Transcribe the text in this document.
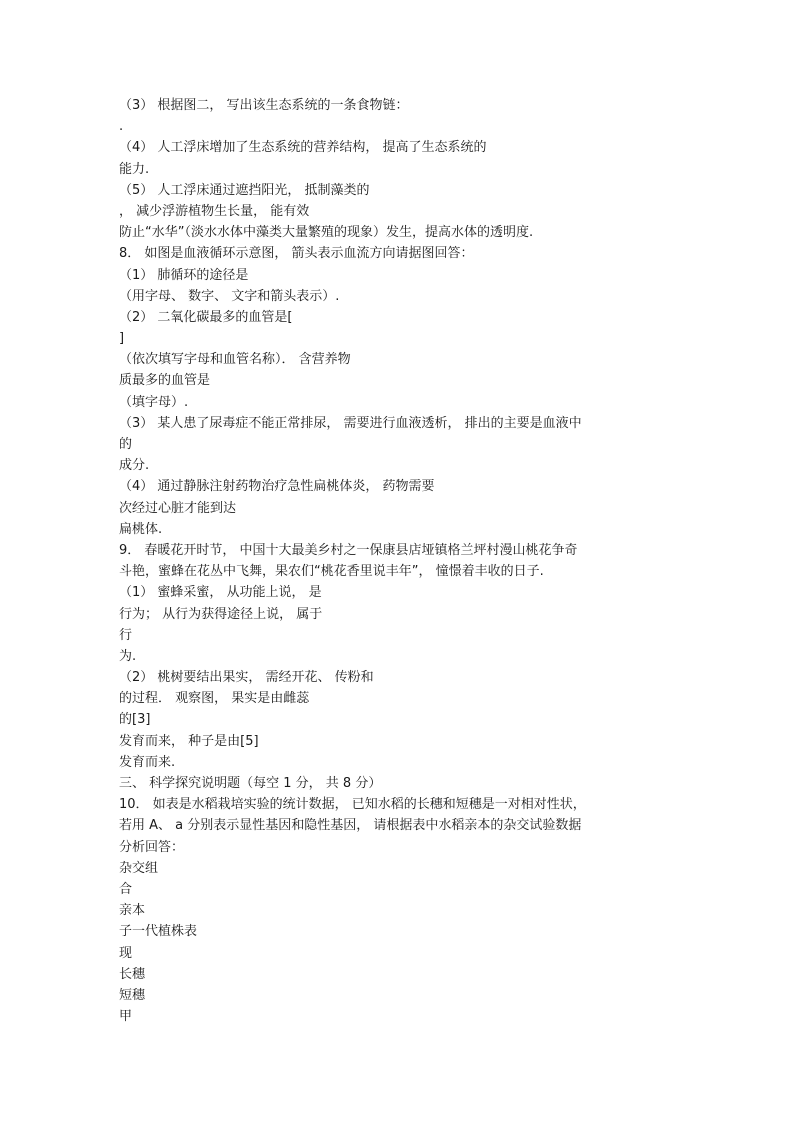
（3） 根据图二， 写出该生态系统的一条食物链：
.
（4） 人工浮床增加了生态系统的营养结构， 提高了生态系统的
能力.
（5） 人工浮床通过遮挡阳光， 抵制藻类的
， 减少浮游植物生长量， 能有效
防止“水华”（淡水水体中藻类大量繁殖的现象）发生，提高水体的透明度.
8． 如图是血液循环示意图， 箭头表示血流方向请据图回答：
（1） 肺循环的途径是
（用字母、 数字、 文字和箭头表示）.
（2） 二氧化碳最多的血管是[
]
（依次填写字母和血管名称）． 含营养物
质最多的血管是
（填字母）.
（3） 某人患了尿毒症不能正常排尿， 需要进行血液透析， 排出的主要是血液中
的
成分.
（4） 通过静脉注射药物治疗急性扁桃体炎， 药物需要
次经过心脏才能到达
扁桃体.
9． 春暖花开时节， 中国十大最美乡村之一保康县店垭镇格兰坪村漫山桃花争奇
斗艳，蜜蜂在花丛中飞舞，果农们“桃花香里说丰年”， 憧憬着丰收的日子.
（1） 蜜蜂采蜜， 从功能上说， 是
行为； 从行为获得途径上说， 属于
行
为.
（2） 桃树要结出果实， 需经开花、 传粉和
的过程． 观察图， 果实是由雌蕊
的[3]
发育而来， 种子是由[5]
发育而来.
三、 科学探究说明题（每空 1 分， 共 8 分）
10． 如表是水稻栽培实验的统计数据， 已知水稻的长穗和短穗是一对相对性状，
若用 A、 a 分别表示显性基因和隐性基因， 请根据表中水稻亲本的杂交试验数据
分析回答：
杂交组
合
亲本
子一代植株表
现
长穗
短穗
甲
